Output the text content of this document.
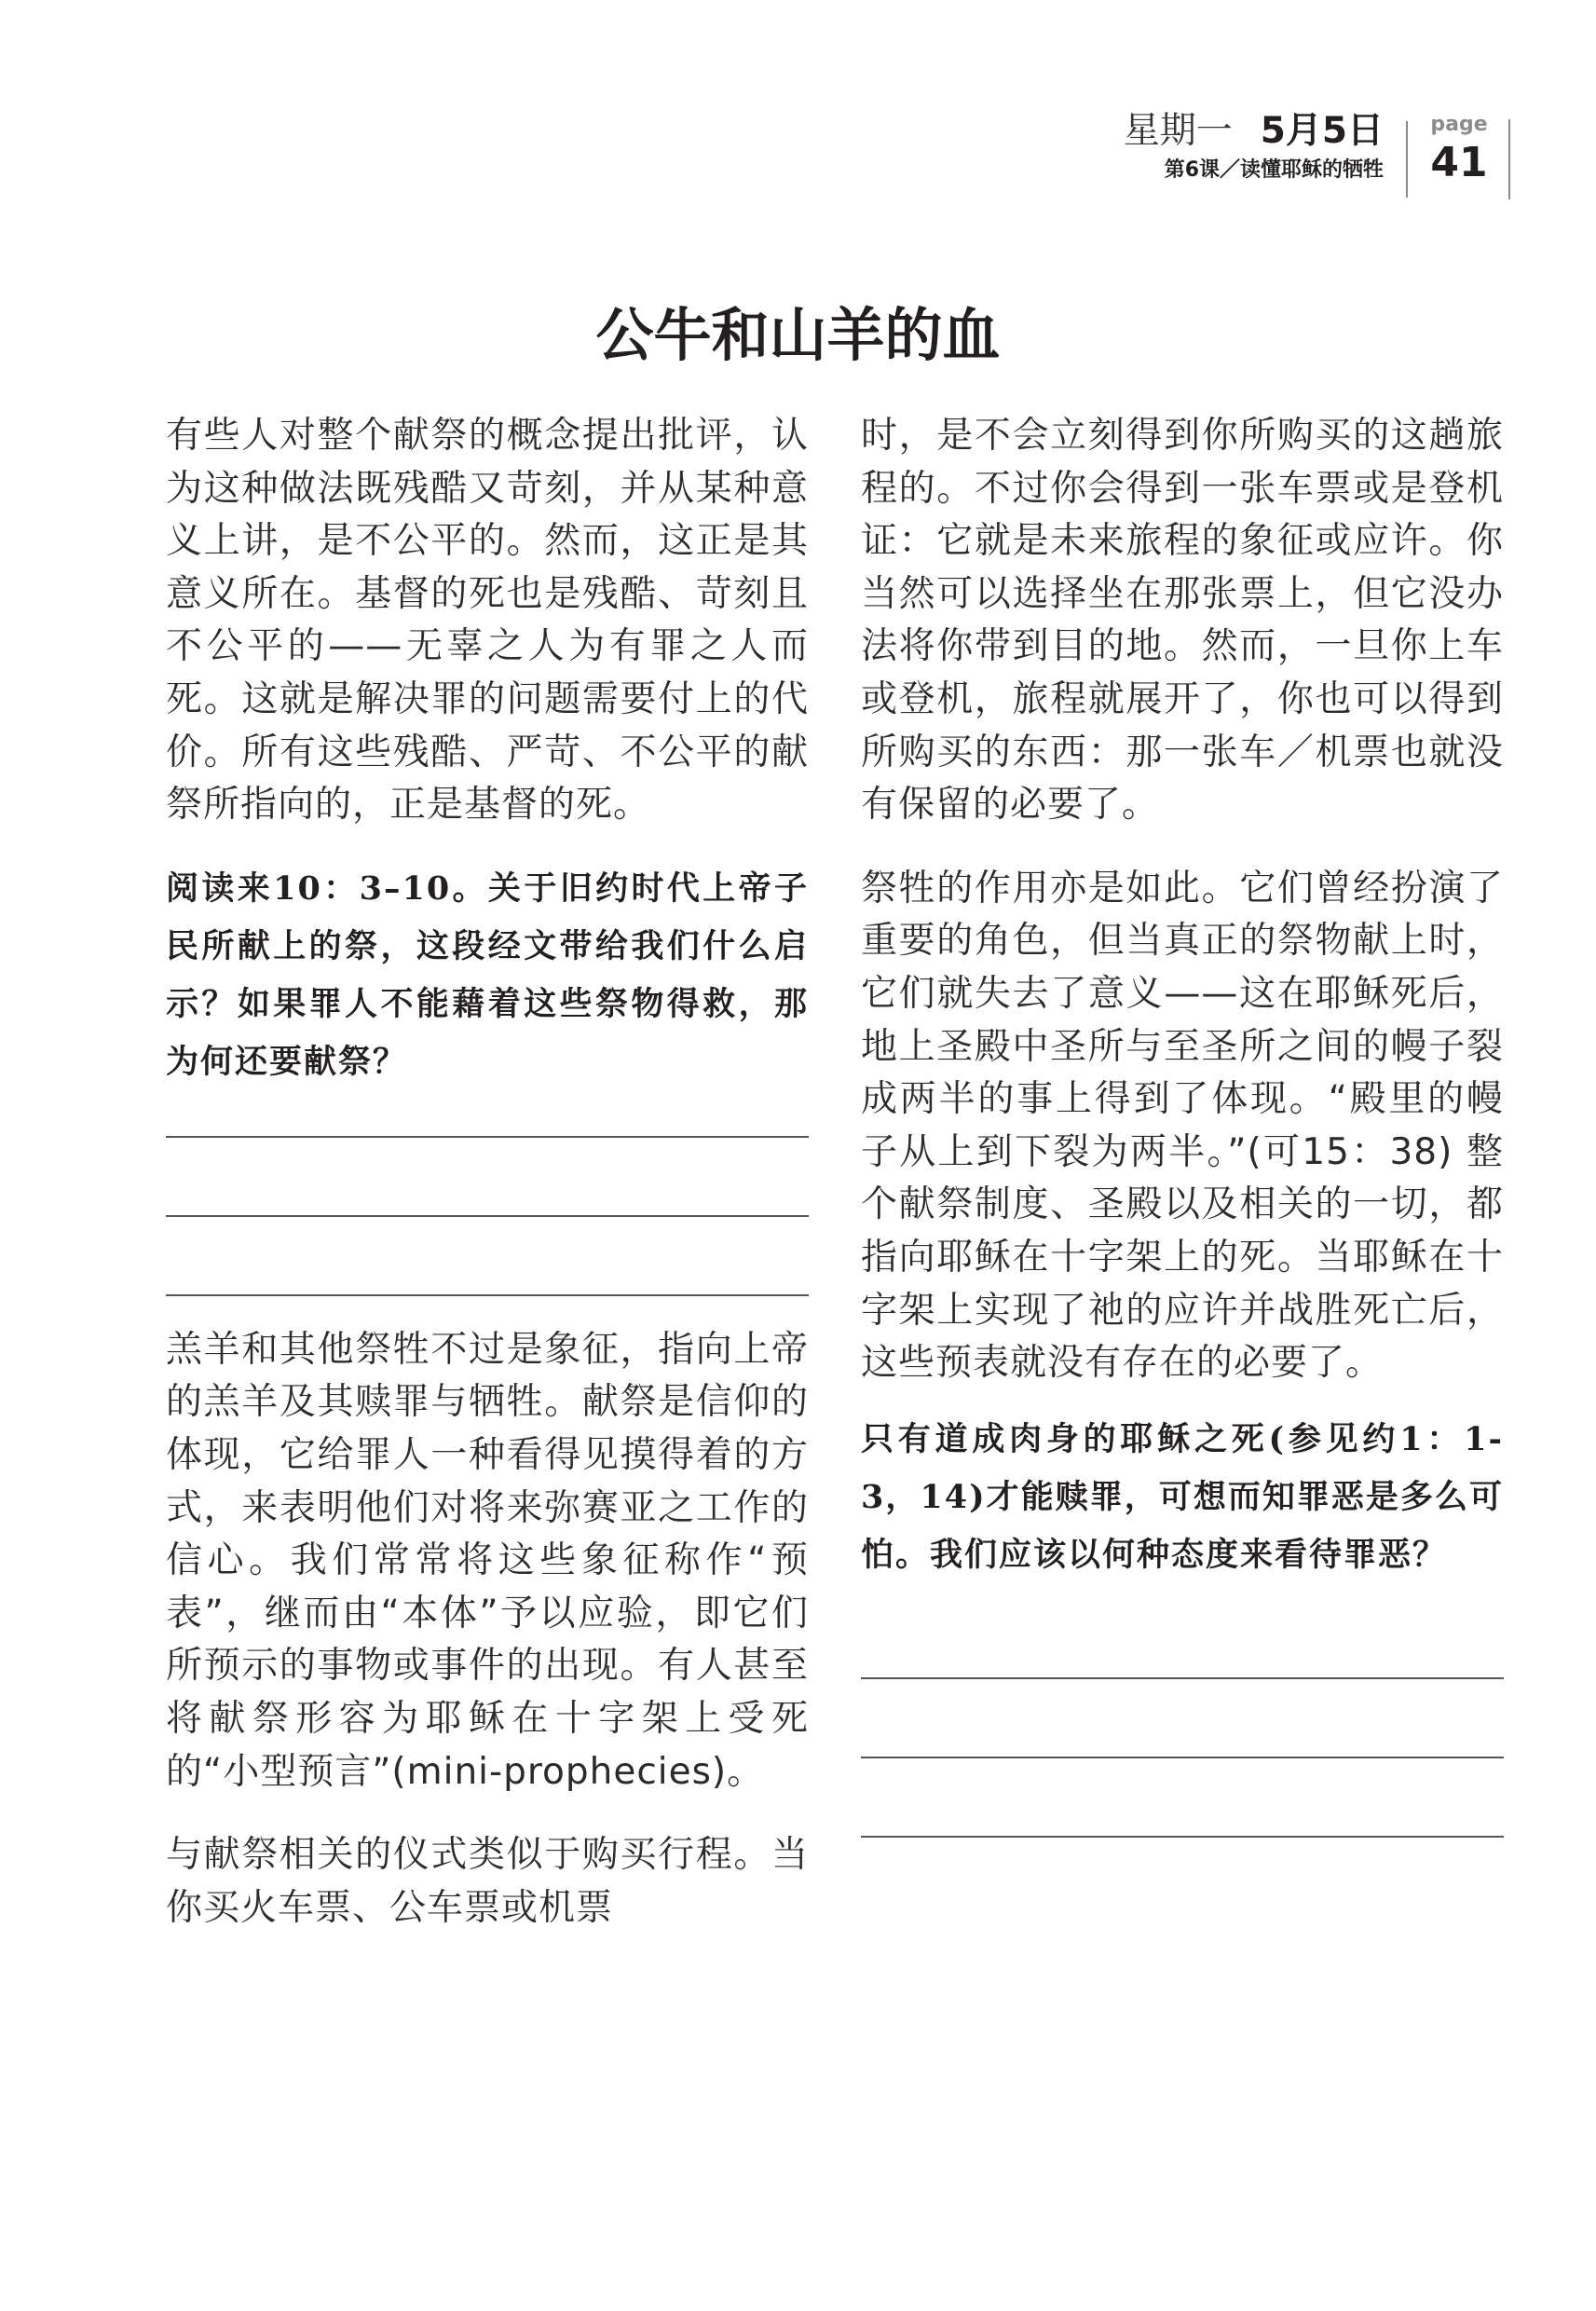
星期一 5月5日
第6课／读懂耶稣的牺牲
page
41
公牛和山羊的血

有些人对整个献祭的概念提出批评，认为这种做法既残酷又苛刻，并从某种意义上讲，是不公平的。然而，这正是其意义所在。基督的死也是残酷、苛刻且不公平的——无辜之人为有罪之人而死。这就是解决罪的问题需要付上的代价。所有这些残酷、严苛、不公平的献祭所指向的，正是基督的死。

阅读来10：3–10。关于旧约时代上帝子民所献上的祭，这段经文带给我们什么启示？如果罪人不能藉着这些祭物得救，那为何还要献祭？

羔羊和其他祭牲不过是象征，指向上帝的羔羊及其赎罪与牺牲。献祭是信仰的体现，它给罪人一种看得见摸得着的方式，来表明他们对将来弥赛亚之工作的信心。我们常常将这些象征称作“预表”，继而由“本体”予以应验，即它们所预示的事物或事件的出现。有人甚至将献祭形容为耶稣在十字架上受死的“小型预言”(mini-prophecies)。

与献祭相关的仪式类似于购买行程。当你买火车票、公车票或机票

时，是不会立刻得到你所购买的这趟旅程的。不过你会得到一张车票或是登机证：它就是未来旅程的象征或应许。你当然可以选择坐在那张票上，但它没办法将你带到目的地。然而，一旦你上车或登机，旅程就展开了，你也可以得到所购买的东西：那一张车／机票也就没有保留的必要了。

祭牲的作用亦是如此。它们曾经扮演了重要的角色，但当真正的祭物献上时，它们就失去了意义——这在耶稣死后，地上圣殿中圣所与至圣所之间的幔子裂成两半的事上得到了体现。“殿里的幔子从上到下裂为两半。”(可15：38) 整个献祭制度、圣殿以及相关的一切，都指向耶稣在十字架上的死。当耶稣在十字架上实现了祂的应许并战胜死亡后，这些预表就没有存在的必要了。

只有道成肉身的耶稣之死(参见约1：1-3，14)才能赎罪，可想而知罪恶是多么可怕。我们应该以何种态度来看待罪恶？
